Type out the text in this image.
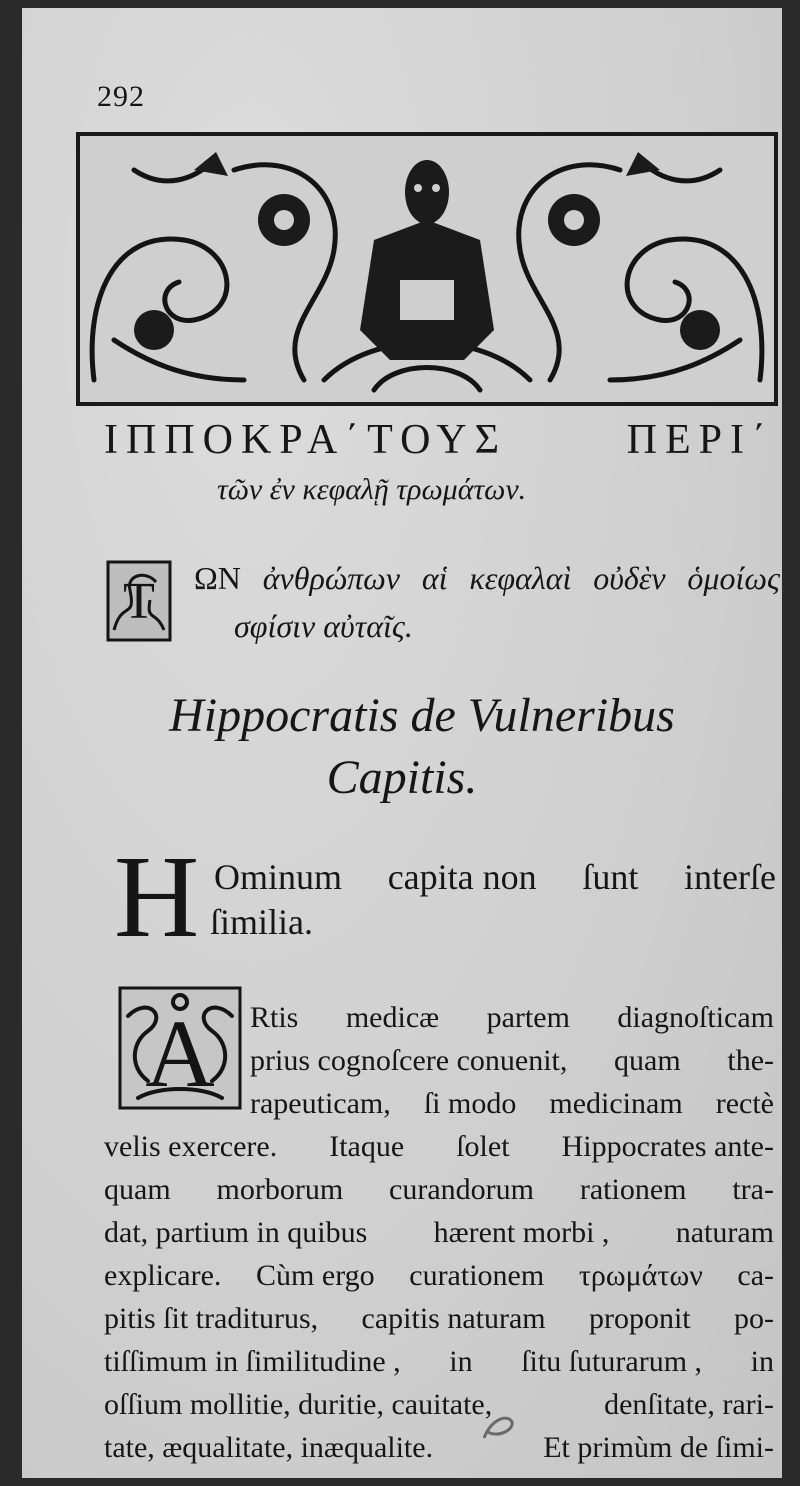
292
ΙΠΠΟΚΡΑ΄ΤΟΥΣ	ΠΕΡΙ΄
τῶν ἐν κεφαλῇ τρωμάτων.
T ΩΝ ἀνθρώπων αἱ κεφαλαὶ οὐδὲν ὁμοίως
σφίσιν αὐταῖς.
Hippocratis de Vulneribus
Capitis.
H Ominum capita non ſunt interſe
ſimilia.
A Rtis medicæ partem diagnoſticam
prius cognoſcere conuenit, quam the-
rapeuticam, ſi modo medicinam rectè
velis exercere. Itaque ſolet Hippocrates ante-
quam morborum curandorum rationem tra-
dat, partium in quibus hærent morbi , naturam
explicare. Cùm ergo curationem τρωμάτων ca-
pitis ſit traditurus, capitis naturam proponit po-
tiſſimum in ſimilitudine , in ſitu ſuturarum , in
oſſium mollitie, duritie, cauitate,	denſitate, rari-
tate, æqualitate, inæqualite.	Et primùm de ſimi-
